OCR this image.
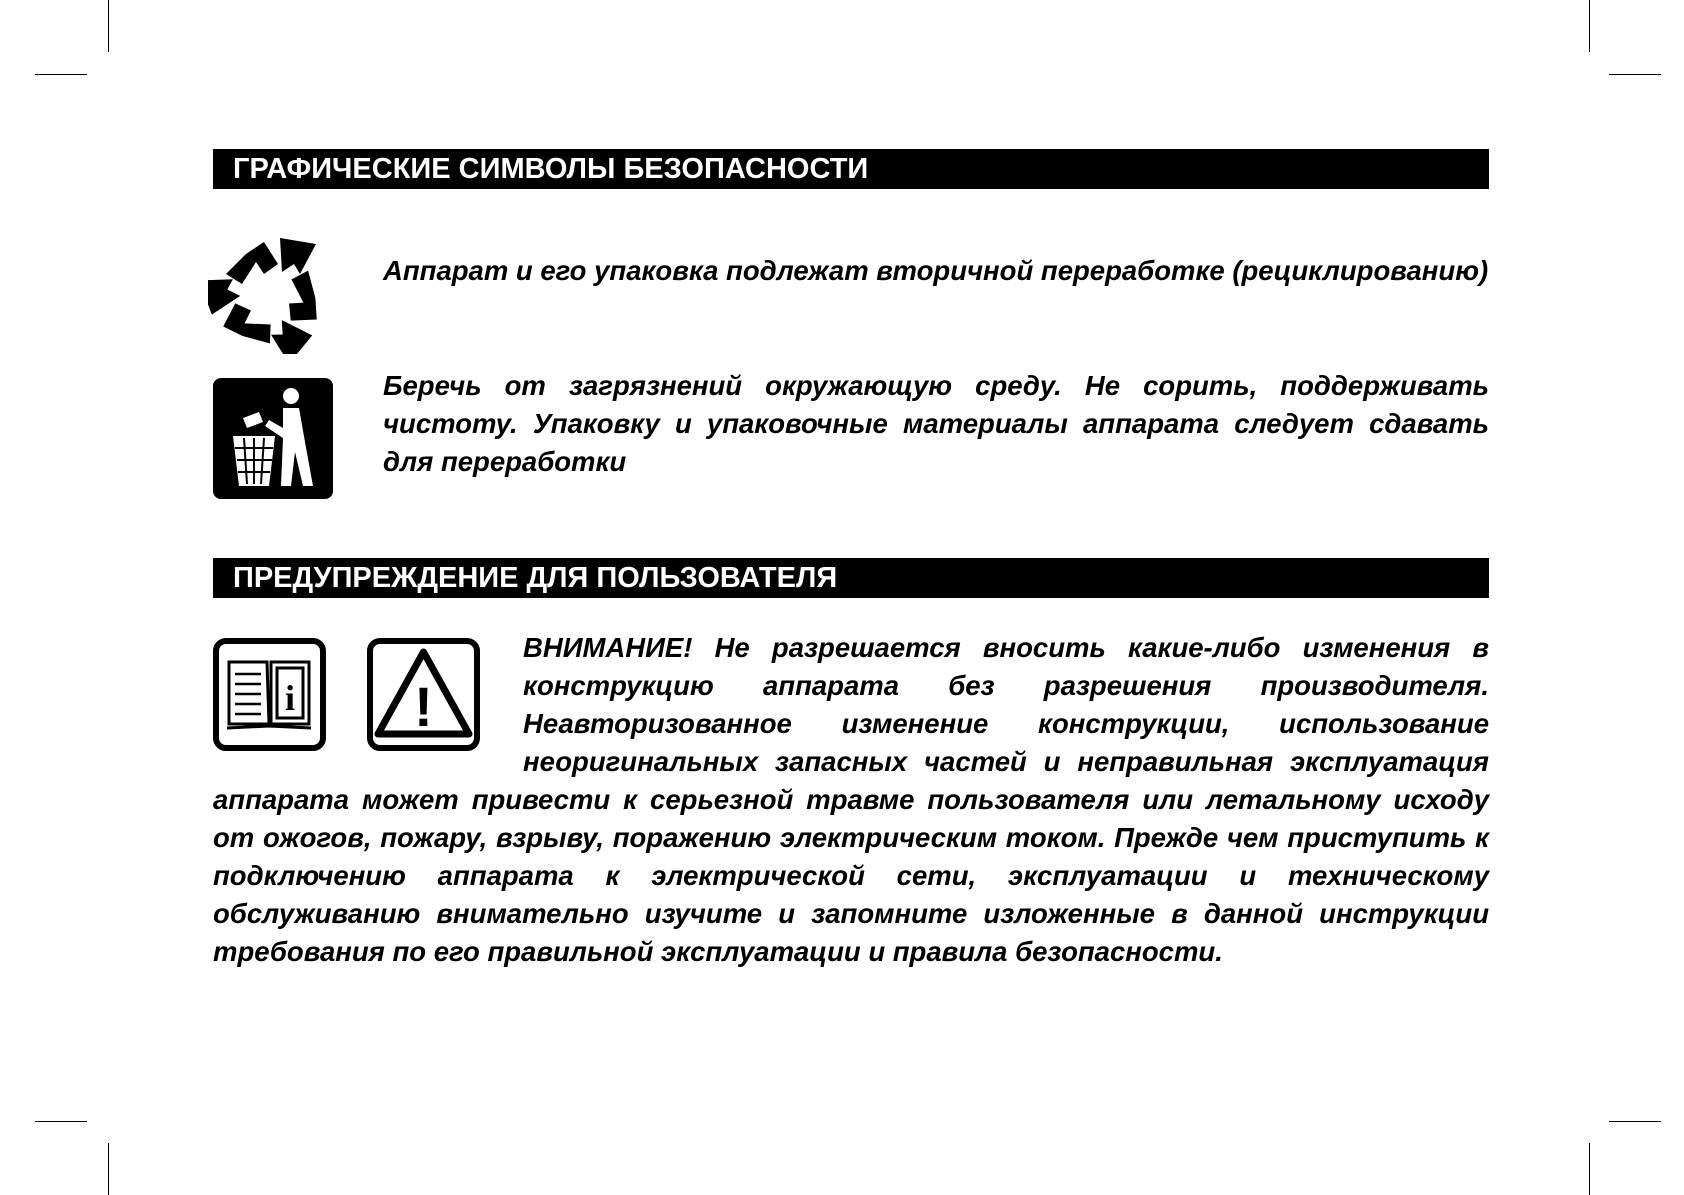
ГРАФИЧЕСКИЕ СИМВОЛЫ БЕЗОПАСНОСТИ

Аппарат и его упаковка подлежат вторичной переработке (рециклированию)

Беречь от загрязнений окружающую среду. Не сорить, поддерживать чистоту. Упаковку и упаковочные материалы аппарата следует сдавать для переработки

ПРЕДУПРЕЖДЕНИЕ ДЛЯ ПОЛЬЗОВАТЕЛЯ
i !
ВНИМАНИЕ! Не разрешается вносить какие-либо изменения в конструкцию аппарата без разрешения производителя. Неавторизованное изменение конструкции, использование неоригинальных запасных частей и неправильная эксплуатация аппарата может привести к серьезной травме пользователя или летальному исходу от ожогов, пожару, взрыву, поражению электрическим током. Прежде чем приступить к подключению аппарата к электрической сети, эксплуатации и техническому обслуживанию внимательно изучите и запомните изложенные в данной инструкции требования по его правильной эксплуатации и правила безопасности.
